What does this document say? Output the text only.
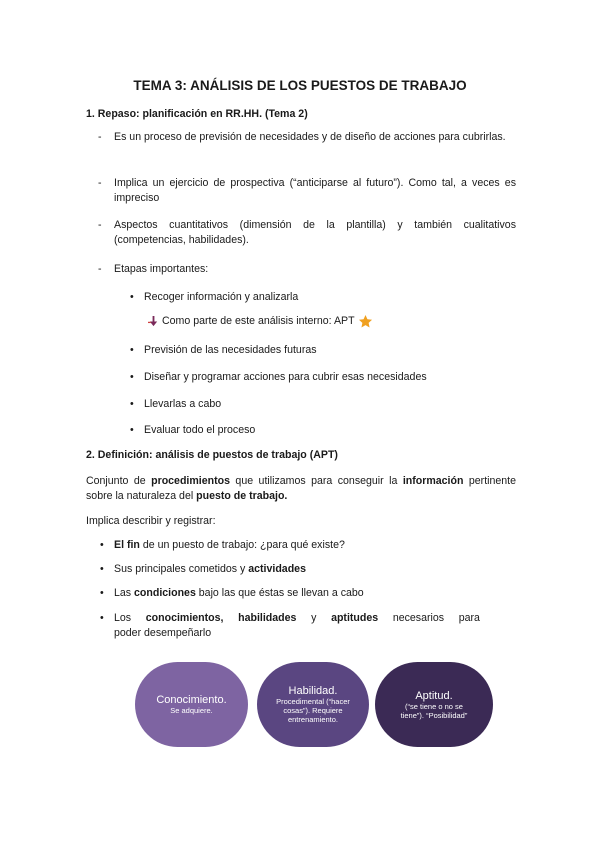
TEMA 3: ANÁLISIS DE LOS PUESTOS DE TRABAJO
1. Repaso: planificación en RR.HH. (Tema 2)
- Es un proceso de previsión de necesidades y de diseño de acciones para cubrirlas.
- Implica un ejercicio de prospectiva (“anticiparse al futuro”). Como tal, a veces es impreciso
- Aspectos cuantitativos (dimensión de la plantilla) y también cualitativos (competencias, habilidades).
- Etapas importantes:
• Recoger información y analizarla
Como parte de este análisis interno: APT
• Previsión de las necesidades futuras
• Diseñar y programar acciones para cubrir esas necesidades
• Llevarlas a cabo
• Evaluar todo el proceso
2. Definición: análisis de puestos de trabajo (APT)
Conjunto de procedimientos que utilizamos para conseguir la información pertinente sobre la naturaleza del puesto de trabajo.
Implica describir y registrar:
• El fin de un puesto de trabajo: ¿para qué existe?
• Sus principales cometidos y actividades
• Las condiciones bajo las que éstas se llevan a cabo
• Los conocimientos, habilidades y aptitudes necesarios para
poder desempeñarlo
Conocimiento.
Se adquiere.
Habilidad.
Procedimental (“hacer cosas”). Requiere entrenamiento.
Aptitud.
(“se tiene o no se tiene”). “Posibilidad”
